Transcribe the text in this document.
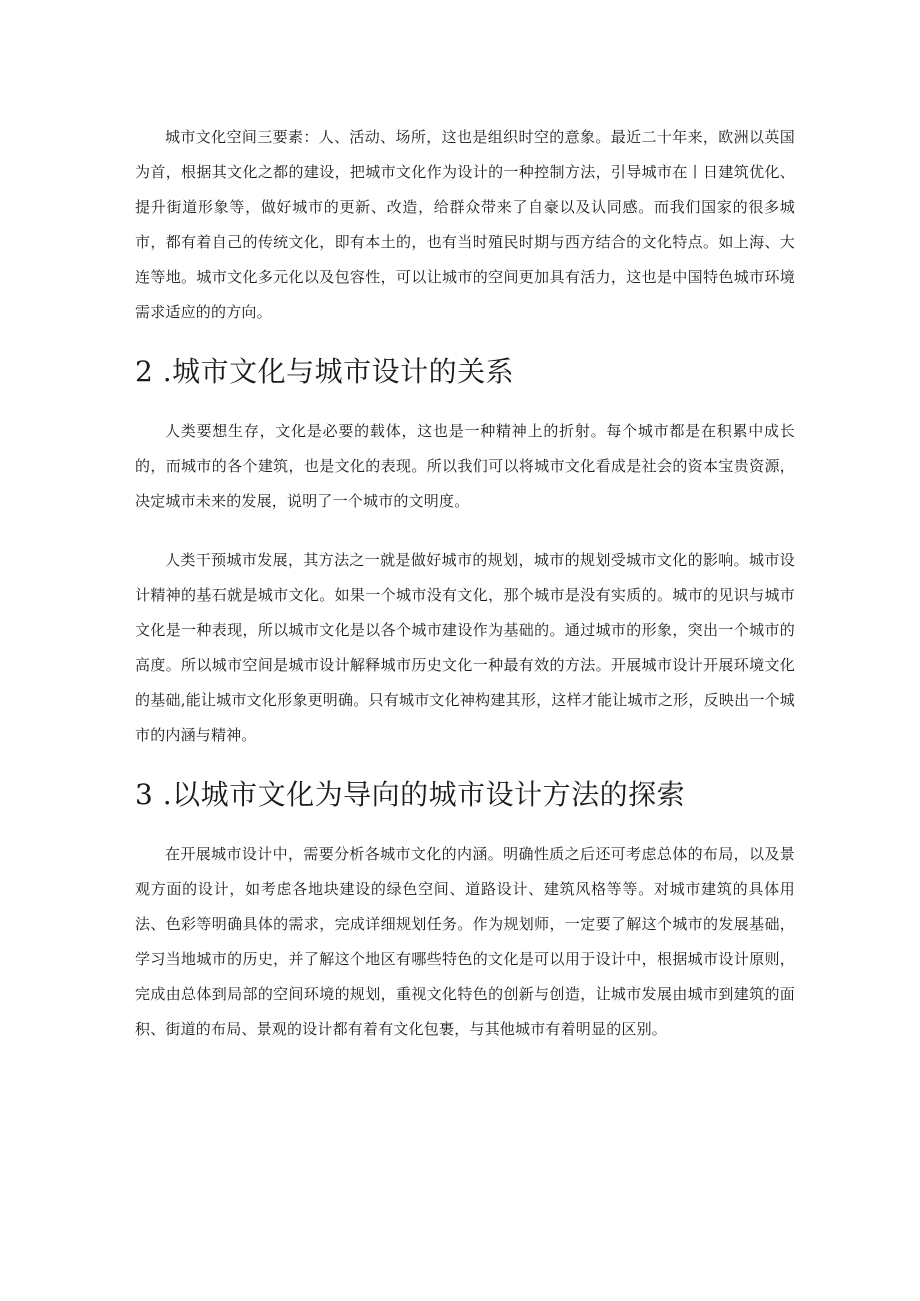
城市文化空间三要素：人、活动、场所，这也是组织时空的意象。最近二十年来，欧洲以英国为首，根据其文化之都的建设，把城市文化作为设计的一种控制方法，引导城市在丨日建筑优化、提升街道形象等，做好城市的更新、改造，给群众带来了自豪以及认同感。而我们国家的很多城市，都有着自己的传统文化，即有本土的，也有当时殖民时期与西方结合的文化特点。如上海、大连等地。城市文化多元化以及包容性，可以让城市的空间更加具有活力，这也是中国特色城市环境需求适应的的方向。

2 .城市文化与城市设计的关系

人类要想生存，文化是必要的载体，这也是一种精神上的折射。每个城市都是在积累中成长的，而城市的各个建筑，也是文化的表现。所以我们可以将城市文化看成是社会的资本宝贵资源，决定城市未来的发展，说明了一个城市的文明度。

人类干预城市发展，其方法之一就是做好城市的规划，城市的规划受城市文化的影响。城市设计精神的基石就是城市文化。如果一个城市没有文化，那个城市是没有实质的。城市的见识与城市文化是一种表现，所以城市文化是以各个城市建设作为基础的。通过城市的形象，突出一个城市的高度。所以城市空间是城市设计解释城市历史文化一种最有效的方法。开展城市设计开展环境文化的基础,能让城市文化形象更明确。只有城市文化神构建其形，这样才能让城市之形，反映出一个城市的内涵与精神。

3 .以城市文化为导向的城市设计方法的探索

在开展城市设计中，需要分析各城市文化的内涵。明确性质之后还可考虑总体的布局，以及景观方面的设计，如考虑各地块建设的绿色空间、道路设计、建筑风格等等。对城市建筑的具体用法、色彩等明确具体的需求，完成详细规划任务。作为规划师，一定要了解这个城市的发展基础，学习当地城市的历史，并了解这个地区有哪些特色的文化是可以用于设计中，根据城市设计原则，完成由总体到局部的空间环境的规划，重视文化特色的创新与创造，让城市发展由城市到建筑的面积、街道的布局、景观的设计都有着有文化包裹，与其他城市有着明显的区别。
